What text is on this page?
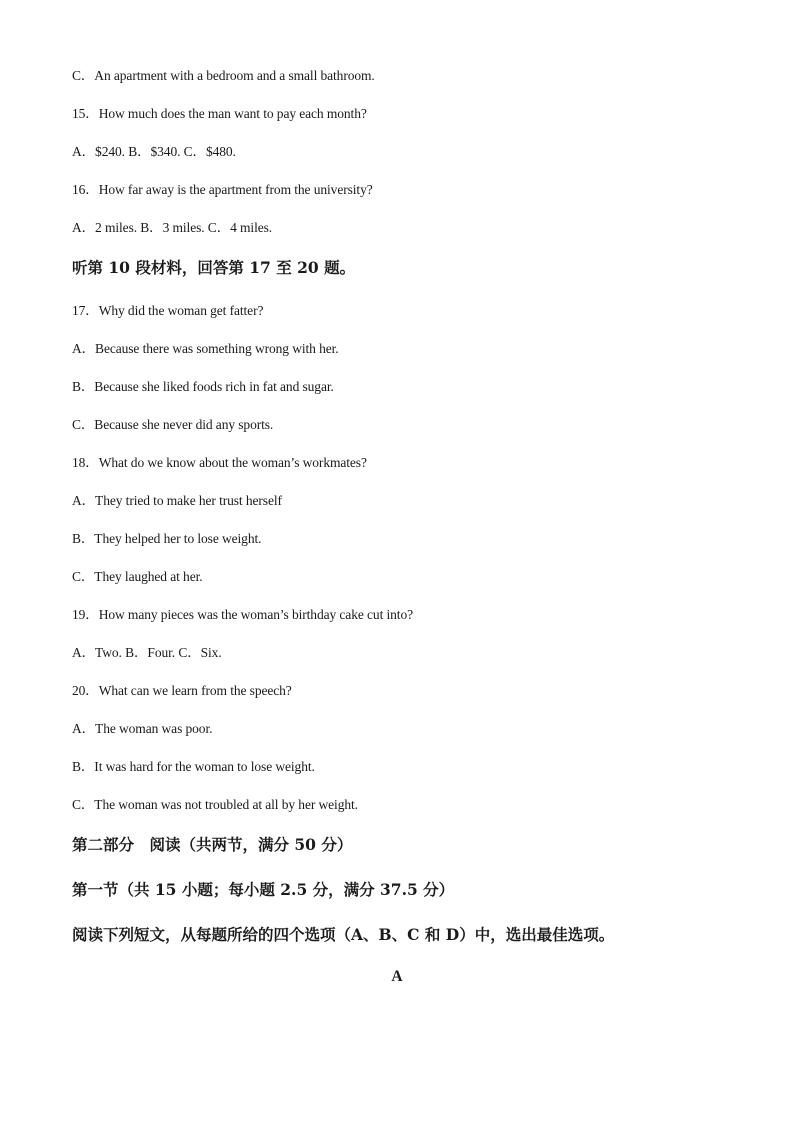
C．An apartment with a bedroom and a small bathroom.
15．How much does the man want to pay each month?
A．$240. B．$340. C．$480.
16．How far away is the apartment from the university?
A．2 miles. B．3 miles. C．4 miles.
听第 10 段材料，回答第 17 至 20 题。
17．Why did the woman get fatter?
A．Because there was something wrong with her.
B．Because she liked foods rich in fat and sugar.
C．Because she never did any sports.
18．What do we know about the woman’s workmates?
A．They tried to make her trust herself
B．They helped her to lose weight.
C．They laughed at her.
19．How many pieces was the woman’s birthday cake cut into?
A．Two. B．Four. C．Six.
20．What can we learn from the speech?
A．The woman was poor.
B．It was hard for the woman to lose weight.
C．The woman was not troubled at all by her weight.
第二部分　阅读（共两节，满分 50 分）
第一节（共 15 小题；每小题 2.5 分，满分 37.5 分）
阅读下列短文，从每题所给的四个选项（A、B、C 和 D）中，选出最佳选项。
A
